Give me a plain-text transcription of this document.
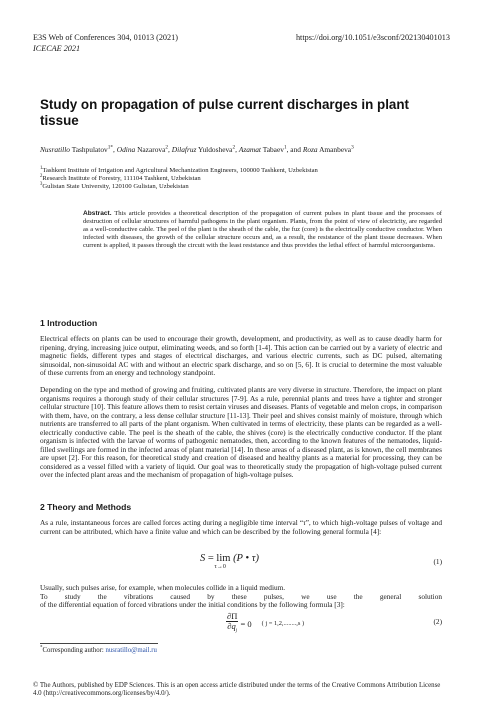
E3S Web of Conferences 304, 01013 (2021)	https://doi.org/10.1051/e3sconf/202130401013
ICECAE 2021
Study on propagation of pulse current discharges in plant tissue
Nusratillo Tashpulatov$^{1*}$, Odina Nazarova$^2$, Dilafruz Yuldosheva$^2$, Azamat Tabaev$^1$, and Roza Amanbeva$^3$
$^1$Tashkent Institute of Irrigation and Agricultural Mechanization Engineers, 100000 Tashkent, Uzbekistan
$^2$Research Institute of Forestry, 111104 Tashkent, Uzbekistan
$^3$Gulistan State University, 120100 Gulistan, Uzbekistan
Abstract. This article provides a theoretical description of the propagation of current pulses in plant tissue and the processes of destruction of cellular structures of harmful pathogens in the plant organism. Plants, from the point of view of electricity, are regarded as a well-conductive cable. The peel of the plant is the sheath of the cable, the fuz (core) is the electrically conductive conductor. When infected with diseases, the growth of the cellular structure occurs and, as a result, the resistance of the plant tissue decreases. When current is applied, it passes through the circuit with the least resistance and thus provides the lethal effect of harmful microorganisms.
1 Introduction
Electrical effects on plants can be used to encourage their growth, development, and productivity, as well as to cause deadly harm for ripening, drying, increasing juice output, eliminating weeds, and so forth [1-4]. This action can be carried out by a variety of electric and magnetic fields, different types and stages of electrical discharges, and various electric currents, such as DC pulsed, alternating sinusoidal, non-sinusoidal AC with and without an electric spark discharge, and so on [5, 6]. It is crucial to determine the most valuable of these currents from an energy and technology standpoint.
Depending on the type and method of growing and fruiting, cultivated plants are very diverse in structure. Therefore, the impact on plant organisms requires a thorough study of their cellular structures [7-9]. As a rule, perennial plants and trees have a tighter and stronger cellular structure [10]. This feature allows them to resist certain viruses and diseases. Plants of vegetable and melon crops, in comparison with them, have, on the contrary, a less dense cellular structure [11-13]. Their peel and shives consist mainly of moisture, through which nutrients are transferred to all parts of the plant organism. When cultivated in terms of electricity, these plants can be regarded as a well-electrically conductive cable. The peel is the sheath of the cable, the shives (core) is the electrically conductive conductor. If the plant organism is infected with the larvae of worms of pathogenic nematodes, then, according to the known features of the nematodes, liquid-filled swellings are formed in the infected areas of plant material [14]. In these areas of a diseased plant, as is known, the cell membranes are upset [2]. For this reason, for theoretical study and creation of diseased and healthy plants as a material for processing, they can be considered as a vessel filled with a variety of liquid. Our goal was to theoretically study the propagation of high-voltage pulsed current over the infected plant areas and the mechanism of propagation of high-voltage pulses.
2 Theory and Methods
As a rule, instantaneous forces are called forces acting during a negligible time interval “τ”, to which high-voltage pulses of voltage and current can be attributed, which have a finite value and which can be described by the following general formula [4]:
S = lim
τ→0
(P • τ)	(1)
Usually, such pulses arise, for example, when molecules collide in a liquid medium.
To study the vibrations caused by these pulses, we use the general solution
of the differential equation of forced vibrations under the initial conditions by the following formula [3]:
$\frac{\partial\Pi}{\partial q_j} = 0$ ( j = 1,2,........,s )	(2)
*Corresponding author: nusratillo@mail.ru
© The Authors, published by EDP Sciences. This is an open access article distributed under the terms of the Creative Commons Attribution License 4.0 (http://creativecommons.org/licenses/by/4.0/).
